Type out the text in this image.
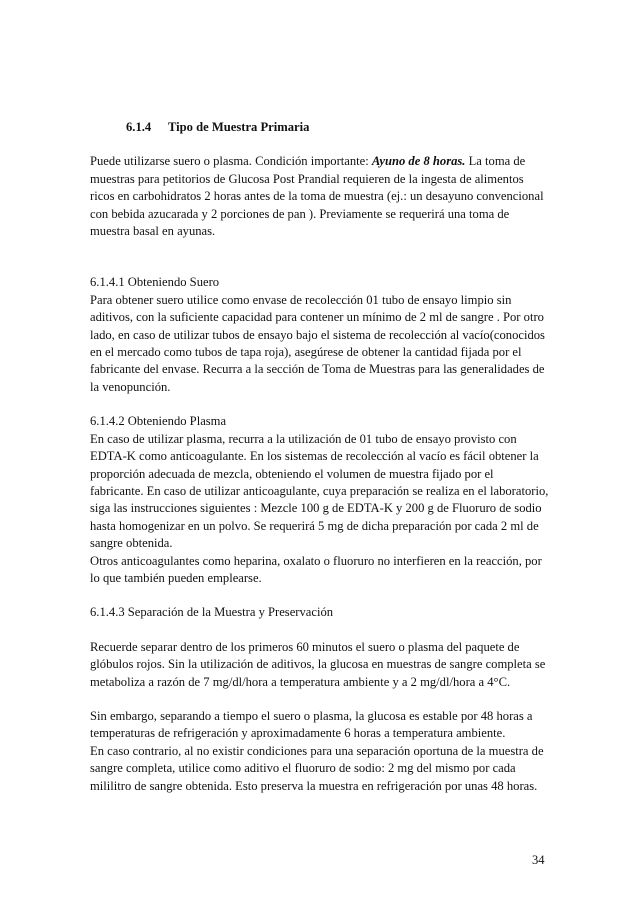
6.1.4 Tipo de Muestra Primaria

Puede utilizarse suero o plasma. Condición importante: Ayuno de 8 horas. La toma de muestras para petitorios de Glucosa Post Prandial requieren de la ingesta de alimentos ricos en carbohidratos 2 horas antes de la toma de muestra (ej.: un desayuno convencional con bebida azucarada y 2 porciones de pan ). Previamente se requerirá una toma de muestra basal en ayunas.

6.1.4.1 Obteniendo Suero
Para obtener suero utilice como envase de recolección 01 tubo de ensayo limpio sin aditivos, con la suficiente capacidad para contener un mínimo de 2 ml de sangre . Por otro lado, en caso de utilizar tubos de ensayo bajo el sistema de recolección al vacío(conocidos en el mercado como tubos de tapa roja), asegúrese de obtener la cantidad fijada por el fabricante del envase. Recurra a la sección de Toma de Muestras para las generalidades de la venopunción.

6.1.4.2 Obteniendo Plasma
En caso de utilizar plasma, recurra a la utilización de 01 tubo de ensayo provisto con EDTA-K como anticoagulante. En los sistemas de recolección al vacío es fácil obtener la proporción adecuada de mezcla, obteniendo el volumen de muestra fijado por el fabricante. En caso de utilizar anticoagulante, cuya preparación se realiza en el laboratorio, siga las instrucciones siguientes : Mezcle 100 g de EDTA-K y 200 g de Fluoruro de sodio hasta homogenizar en un polvo. Se requerirá 5 mg de dicha preparación por cada 2 ml de sangre obtenida.
Otros anticoagulantes como heparina, oxalato o fluoruro no interfieren en la reacción, por lo que también pueden emplearse.

6.1.4.3 Separación de la Muestra y Preservación

Recuerde separar dentro de los primeros 60 minutos el suero o plasma del paquete de glóbulos rojos. Sin la utilización de aditivos, la glucosa en muestras de sangre completa se metaboliza a razón de 7 mg/dl/hora a temperatura ambiente y a 2 mg/dl/hora a 4°C.

Sin embargo, separando a tiempo el suero o plasma, la glucosa es estable por 48 horas a temperaturas de refrigeración y aproximadamente 6 horas a temperatura ambiente.
En caso contrario, al no existir condiciones para una separación oportuna de la muestra de sangre completa, utilice como aditivo el fluoruro de sodio: 2 mg del mismo por cada mililitro de sangre obtenida. Esto preserva la muestra en refrigeración por unas 48 horas.

34
